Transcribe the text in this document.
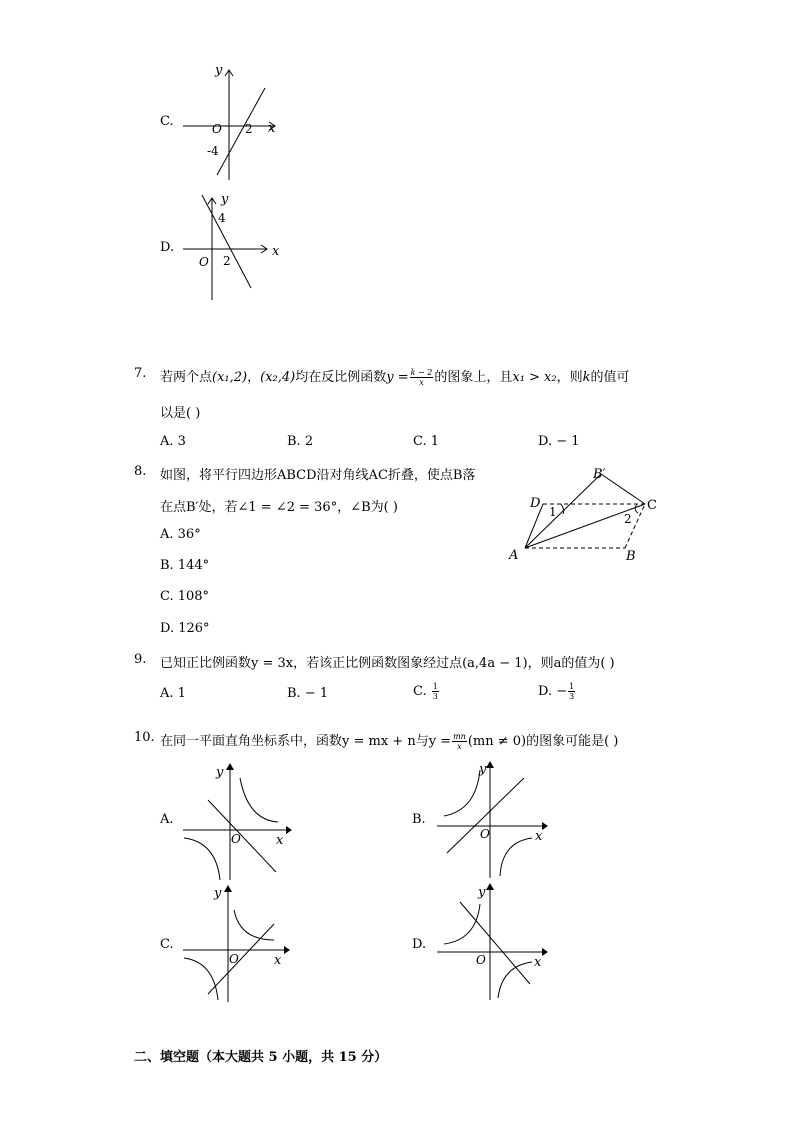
C.	x
y
O 2
-4
D.	x
y
O 2
4
7. 若两个点(x₁,2)，(x₂,4)均在反比例函数$y = \frac{k - 2}{x}$ 的图象上，且x₁ > x₂，则k的值可
以是( )
A. 3	B. 2	C. 1	D. − 1
8. 如图，将平行四边形ABCD沿对角线AC折叠，使点B落
在点B′处，若∠1 = ∠2 = 36°，∠B为( )
A. 36°
B. 144°
C. 108°
D. 126°
A	B
C
D
B′
1	2
9. 已知正比例函数y = 3x，若该正比例函数图象经过点(a,4a − 1)，则a的值为( )
A. 1	B. − 1	C. $\frac{1}{3}$	D. − $\frac{1}{3}$
10. 在同一平面直角坐标系中，函数y = mx + n与$y = \frac{mn}{x} (mn \ne 0)$的图象可能是( )
A.
x
y
O
B.
x
y
O
C.
x
y
O
D.
x
y
O
二、填空题（本大题共 5 小题，共 15 分）
